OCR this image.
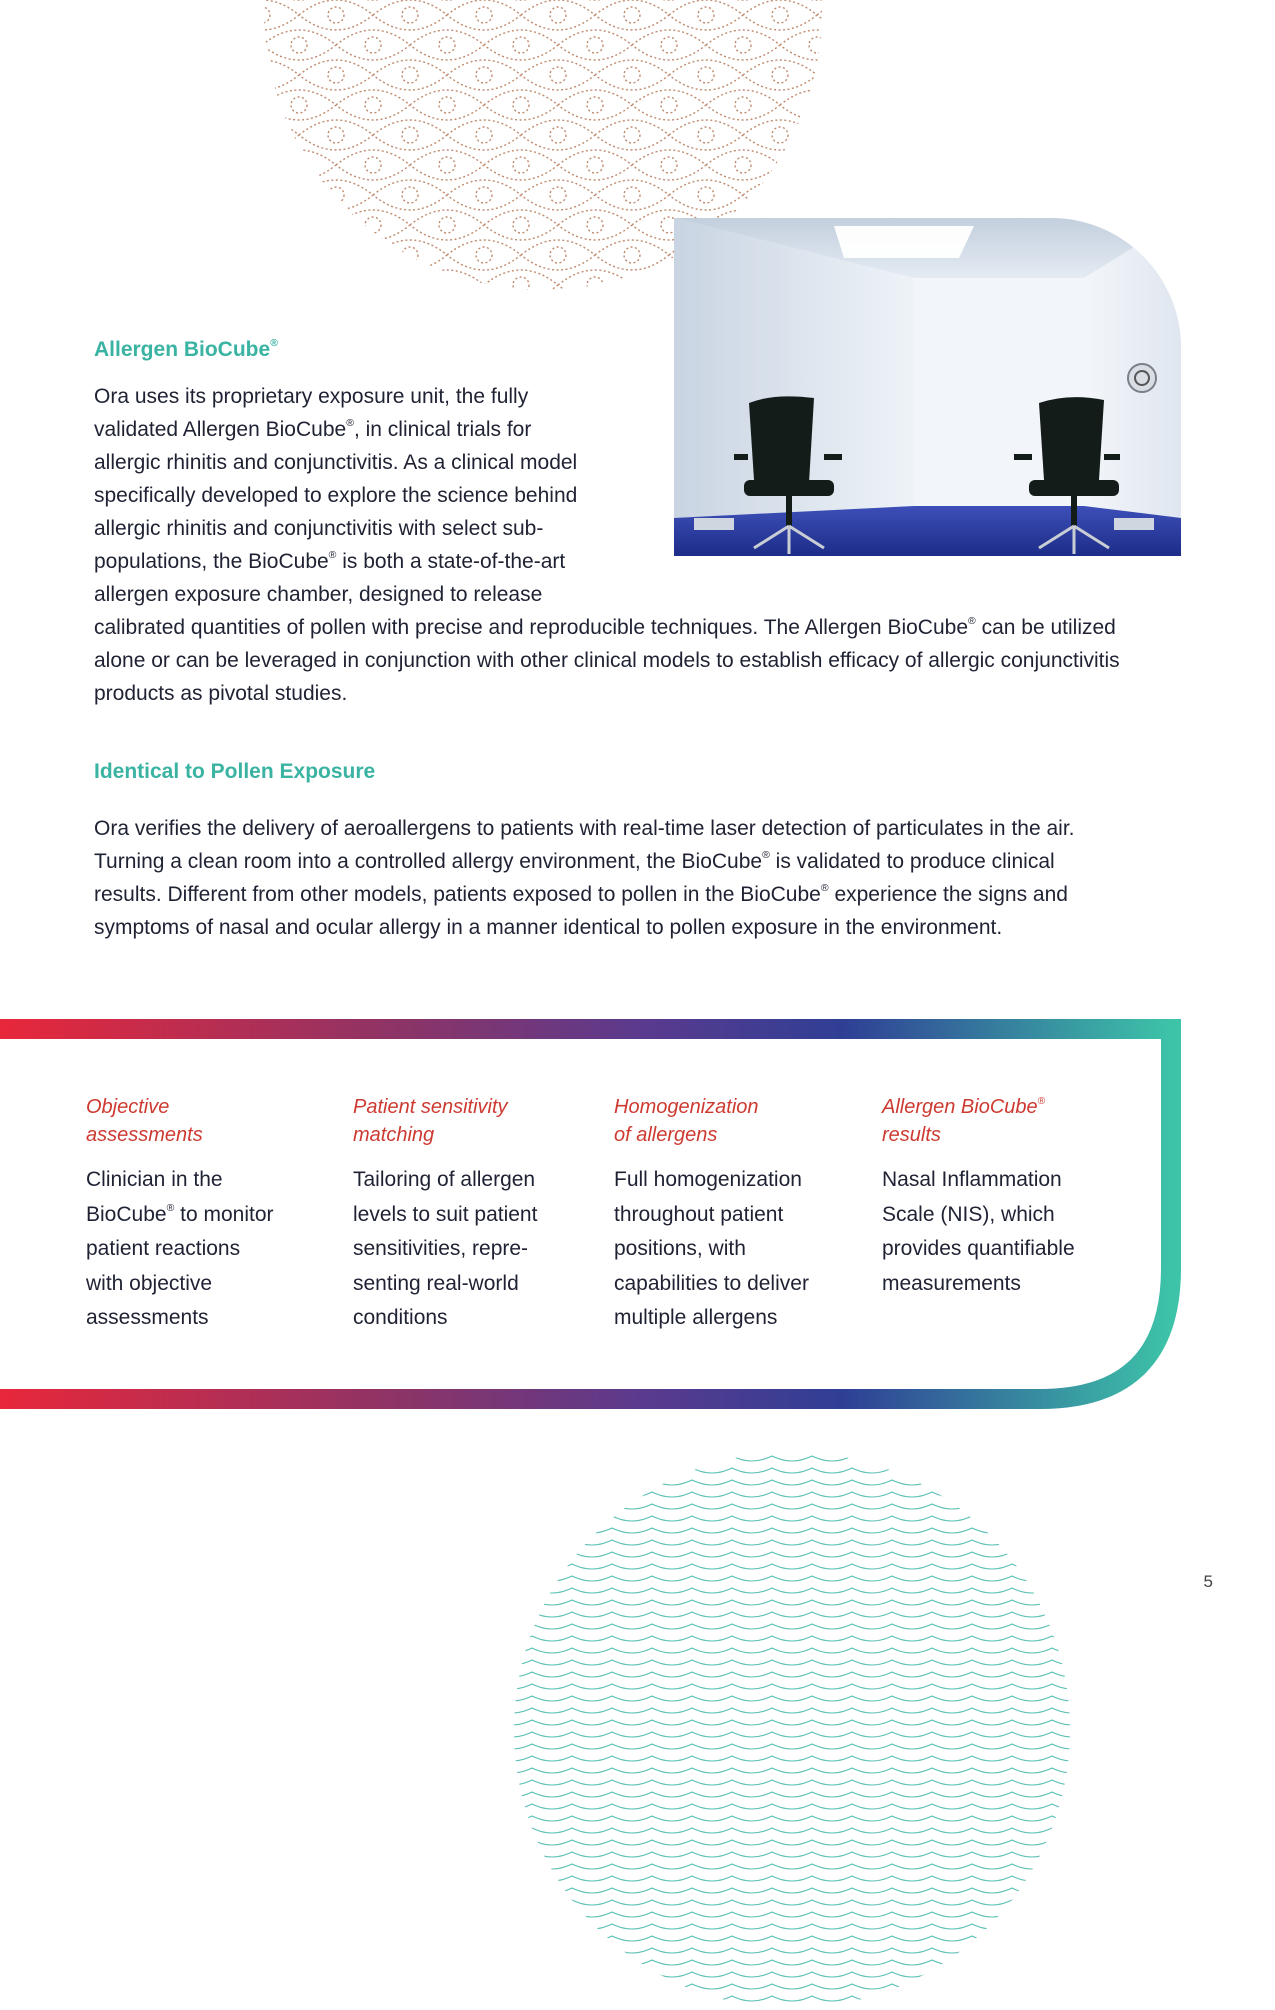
Allergen BioCube®
Ora uses its proprietary exposure unit, the fully
validated Allergen BioCube®, in clinical trials for
allergic rhinitis and conjunctivitis. As a clinical model
specifically developed to explore the science behind
allergic rhinitis and conjunctivitis with select sub-
populations, the BioCube® is both a state-of-the-art
allergen exposure chamber, designed to release
calibrated quantities of pollen with precise and reproducible techniques. The Allergen BioCube® can be utilized
alone or can be leveraged in conjunction with other clinical models to establish efficacy of allergic conjunctivitis
products as pivotal studies.
Identical to Pollen Exposure
Ora verifies the delivery of aeroallergens to patients with real-time laser detection of particulates in the air.
Turning a clean room into a controlled allergy environment, the BioCube® is validated to produce clinical
results. Different from other models, patients exposed to pollen in the BioCube® experience the signs and
symptoms of nasal and ocular allergy in a manner identical to pollen exposure in the environment.
Objective
assessments
Clinician in the
BioCube® to monitor
patient reactions
with objective
assessments
Patient sensitivity
matching
Tailoring of allergen
levels to suit patient
sensitivities, repre-
senting real-world
conditions
Homogenization
of allergens
Full homogenization
throughout patient
positions, with
capabilities to deliver
multiple allergens
Allergen BioCube®
results
Nasal Inflammation
Scale (NIS), which
provides quantifiable
measurements
5
